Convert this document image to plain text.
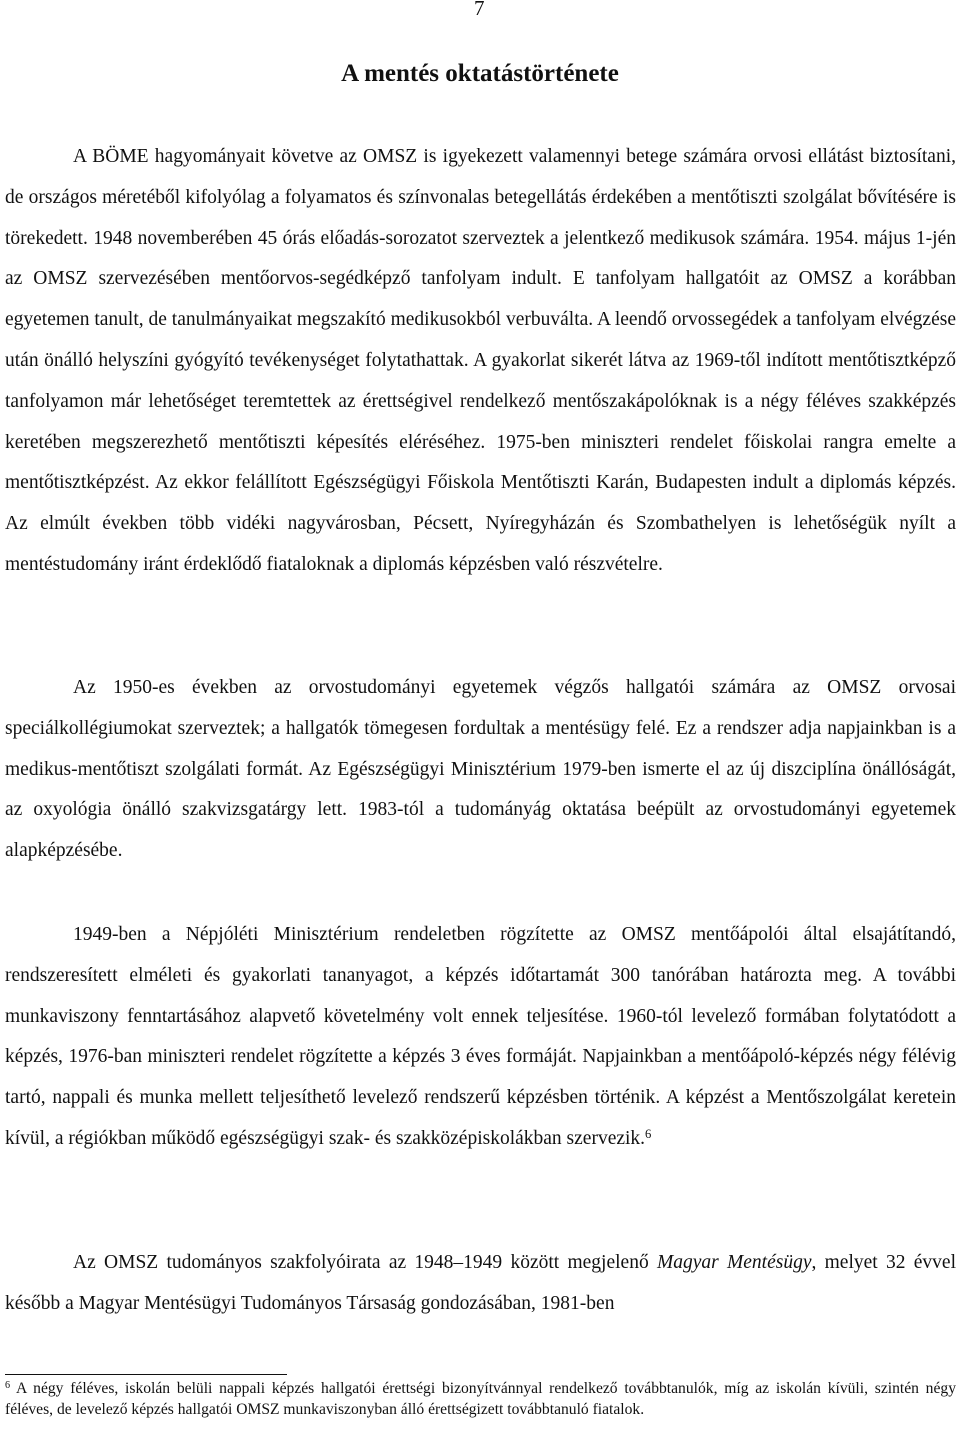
7
A mentés oktatástörténete

A BÖME hagyományait követve az OMSZ is igyekezett valamennyi betege számára orvosi ellátást biztosítani, de országos méretéből kifolyólag a folyamatos és színvonalas betegellátás érdekében a mentőtiszti szolgálat bővítésére is törekedett. 1948 novemberében 45 órás előadás-sorozatot szerveztek a jelentkező medikusok számára. 1954. május 1-jén az OMSZ szervezésében mentőorvos-segédképző tanfolyam indult. E tanfolyam hallgatóit az OMSZ a korábban egyetemen tanult, de tanulmányaikat megszakító medikusokból verbuválta. A leendő orvossegédek a tanfolyam elvégzése után önálló helyszíni gyógyító tevékenységet folytathattak. A gyakorlat sikerét látva az 1969-től indított mentőtisztképző tanfolyamon már lehetőséget teremtettek az érettségivel rendelkező mentőszakápolóknak is a négy féléves szakképzés keretében megszerezhető mentőtiszti képesítés eléréséhez. 1975-ben miniszteri rendelet főiskolai rangra emelte a mentőtisztképzést. Az ekkor felállított Egészségügyi Főiskola Mentőtiszti Karán, Budapesten indult a diplomás képzés. Az elmúlt években több vidéki nagyvárosban, Pécsett, Nyíregyházán és Szombathelyen is lehetőségük nyílt a mentéstudomány iránt érdeklődő fiataloknak a diplomás képzésben való részvételre.

Az 1950-es években az orvostudományi egyetemek végzős hallgatói számára az OMSZ orvosai speciálkollégiumokat szerveztek; a hallgatók tömegesen fordultak a mentésügy felé. Ez a rendszer adja napjainkban is a medikus-mentőtiszt szolgálati formát. Az Egészségügyi Minisztérium 1979-ben ismerte el az új diszciplína önállóságát, az oxyológia önálló szakvizsgatárgy lett. 1983-tól a tudományág oktatása beépült az orvostudományi egyetemek alapképzésébe.

1949-ben a Népjóléti Minisztérium rendeletben rögzítette az OMSZ mentőápolói által elsajátítandó, rendszeresített elméleti és gyakorlati tananyagot, a képzés időtartamát 300 tanórában határozta meg. A további munkaviszony fenntartásához alapvető követelmény volt ennek teljesítése. 1960-tól levelező formában folytatódott a képzés, 1976-ban miniszteri rendelet rögzítette a képzés 3 éves formáját. Napjainkban a mentőápoló-képzés négy félévig tartó, nappali és munka mellett teljesíthető levelező rendszerű képzésben történik. A képzést a Mentőszolgálat keretein kívül, a régiókban működő egészségügyi szak- és szakközépiskolákban szervezik.$^6$

Az OMSZ tudományos szakfolyóirata az 1948–1949 között megjelenő Magyar Mentésügy, melyet 32 évvel később a Magyar Mentésügyi Tudományos Társaság gondozásában, 1981-ben

$^6$ A négy féléves, iskolán belüli nappali képzés hallgatói érettségi bizonyítvánnyal rendelkező továbbtanulók, míg az iskolán kívüli, szintén négy féléves, de levelező képzés hallgatói OMSZ munkaviszonyban álló érettségizett továbbtanuló fiatalok.
